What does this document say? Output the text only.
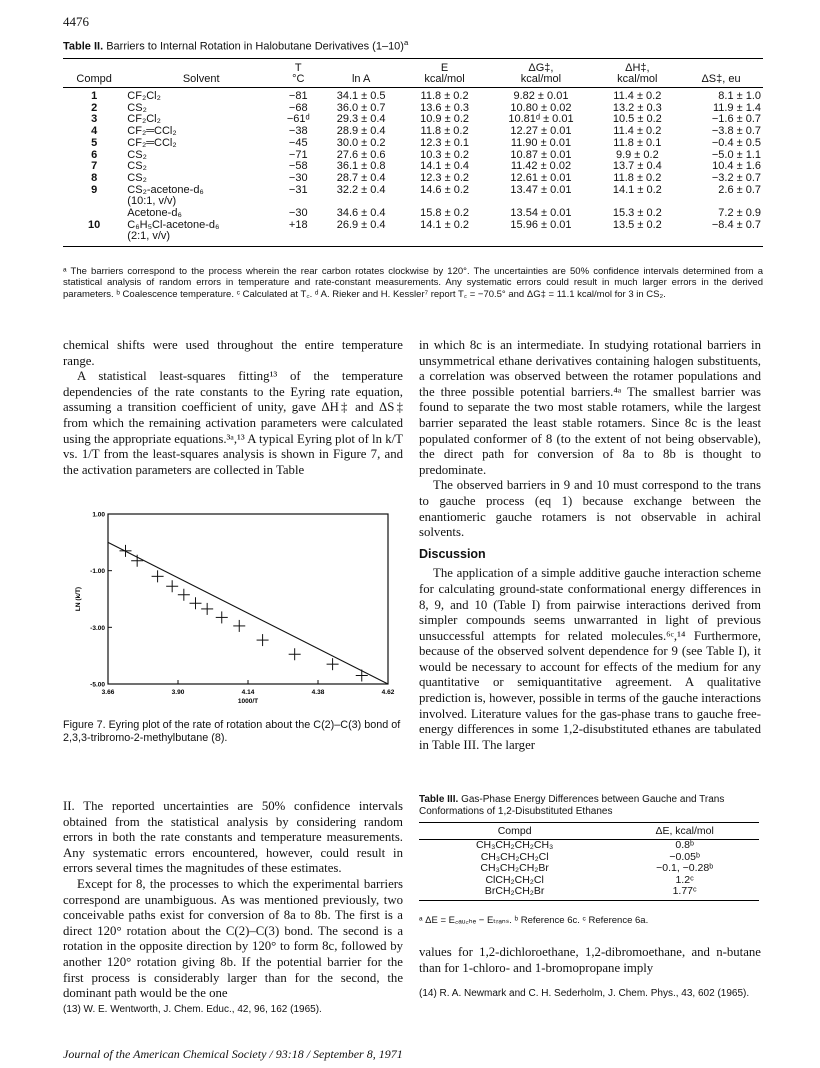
4476
Table II. Barriers to Internal Rotation in Halobutane Derivatives $(1-10)^a$
		T		E	ΔG‡,	ΔH‡,	
Compd	Solvent	°C	ln A	kcal/mol	kcal/mol	kcal/mol	ΔS‡, eu
1	CF₂Cl₂	−81	34.1 ± 0.5	11.8 ± 0.2	9.82 ± 0.01	11.4 ± 0.2	8.1 ± 1.0
2	CS₂	−68	36.0 ± 0.7	13.6 ± 0.3	10.80 ± 0.02	13.2 ± 0.3	11.9 ± 1.4
3	CF₂Cl₂	−61ᵈ	29.3 ± 0.4	10.9 ± 0.2	10.81ᵈ ± 0.01	10.5 ± 0.2	−1.6 ± 0.7
4	CF₂═CCl₂	−38	28.9 ± 0.4	11.8 ± 0.2	12.27 ± 0.01	11.4 ± 0.2	−3.8 ± 0.7
5	CF₂═CCl₂	−45	30.0 ± 0.2	12.3 ± 0.1	11.90 ± 0.01	11.8 ± 0.1	−0.4 ± 0.5
6	CS₂	−71	27.6 ± 0.6	10.3 ± 0.2	10.87 ± 0.01	9.9 ± 0.2	−5.0 ± 1.1
7	CS₂	−58	36.1 ± 0.8	14.1 ± 0.4	11.42 ± 0.02	13.7 ± 0.4	10.4 ± 1.6
8	CS₂	−30	28.7 ± 0.4	12.3 ± 0.2	12.61 ± 0.01	11.8 ± 0.2	−3.2 ± 0.7
9	CS₂-acetone-d₆	−31	32.2 ± 0.4	14.6 ± 0.2	13.47 ± 0.01	14.1 ± 0.2	2.6 ± 0.7
	(10:1, v/v)						
	Acetone-d₆	−30	34.6 ± 0.4	15.8 ± 0.2	13.54 ± 0.01	15.3 ± 0.2	7.2 ± 0.9
10	C₆H₅Cl-acetone-d₆	+18	26.9 ± 0.4	14.1 ± 0.2	15.96 ± 0.01	13.5 ± 0.2	−8.4 ± 0.7
	(2:1, v/v)						
ᵃ The barriers correspond to the process wherein the rear carbon rotates clockwise by 120°. The uncertainties are 50% confidence intervals determined from a statistical analysis of random errors in temperature and rate-constant measurements. Any systematic errors could result in much larger errors in the derived parameters. ᵇ Coalescence temperature. ᶜ Calculated at T꜀. ᵈ A. Rieker and H. Kessler⁷ report T꜀ = −70.5° and ΔG‡ = 11.1 kcal/mol for 3 in CS₂.

chemical shifts were used throughout the entire temperature range.

A statistical least-squares fitting¹³ of the temperature dependencies of the rate constants to the Eyring rate equation, assuming a transition coefficient of unity, gave ΔH‡ and ΔS‡ from which the remaining activation parameters were calculated using the appropriate equations.³ᵃ,¹³ A typical Eyring plot of ln k/T vs. 1/T from the least-squares analysis is shown in Figure 7, and the activation parameters are collected in Table

3.66	3.90	4.14	4.38	4.62
1.00
-1.00
-3.00
-5.00
1000/T
LN (k/T)
Figure 7. Eyring plot of the rate of rotation about the C(2)–C(3) bond of 2,3,3-tribromo-2-methylbutane (8).

II. The reported uncertainties are 50% confidence intervals obtained from the statistical analysis by considering random errors in both the rate constants and temperature measurements. Any systematic errors encountered, however, could result in errors several times the magnitudes of these estimates.

Except for 8, the processes to which the experimental barriers correspond are unambiguous. As was mentioned previously, two conceivable paths exist for conversion of 8a to 8b. The first is a direct 120° rotation about the C(2)–C(3) bond. The second is a rotation in the opposite direction by 120° to form 8c, followed by another 120° rotation giving 8b. If the potential barrier for the first process is considerably larger than for the second, the dominant path would be the one

(13) W. E. Wentworth, J. Chem. Educ., 42, 96, 162 (1965).

in which 8c is an intermediate. In studying rotational barriers in unsymmetrical ethane derivatives containing halogen substituents, a correlation was observed between the rotamer populations and the three possible potential barriers.⁴ᵃ The smallest barrier was found to separate the two most stable rotamers, while the largest barrier separated the least stable rotamers. Since 8c is the least populated conformer of 8 (to the extent of not being observable), the direct path for conversion of 8a to 8b is thought to predominate.

The observed barriers in 9 and 10 must correspond to the trans to gauche process (eq 1) because exchange between the enantiomeric gauche rotamers is not observable in achiral solvents.

Discussion

The application of a simple additive gauche interaction scheme for calculating ground-state conformational energy differences in 8, 9, and 10 (Table I) from pairwise interactions derived from simpler compounds seems unwarranted in light of previous unsuccessful attempts for related molecules.⁶ᶜ,¹⁴ Furthermore, because of the observed solvent dependence for 9 (see Table I), it would be necessary to account for effects of the medium for any quantitative or semiquantitative agreement. A qualitative prediction is, however, possible in terms of the gauche interactions involved. Literature values for the gas-phase trans to gauche free-energy differences in some 1,2-disubstituted ethanes are tabulated in Table III. The larger

Table III. Gas-Phase Energy Differences between Gauche and Trans Conformations of 1,2-Disubstituted Ethanes
Compd	ΔE, kcal/mol
CH₃CH₂CH₂CH₃	0.8ᵇ
CH₃CH₂CH₂Cl	−0.05ᵇ
CH₃CH₂CH₂Br	−0.1, −0.28ᵇ
ClCH₂CH₂Cl	1.2ᶜ
BrCH₂CH₂Br	1.77ᶜ
ᵃ ΔE = E꜀ₐᵤ꜀ₕₑ − Eₜᵣₐₙₛ. ᵇ Reference 6c. ᶜ Reference 6a.
values for 1,2-dichloroethane, 1,2-dibromoethane, and n-butane than for 1-chloro- and 1-bromopropane imply
(14) R. A. Newmark and C. H. Sederholm, J. Chem. Phys., 43, 602 (1965).
Journal of the American Chemical Society / 93:18 / September 8, 1971
